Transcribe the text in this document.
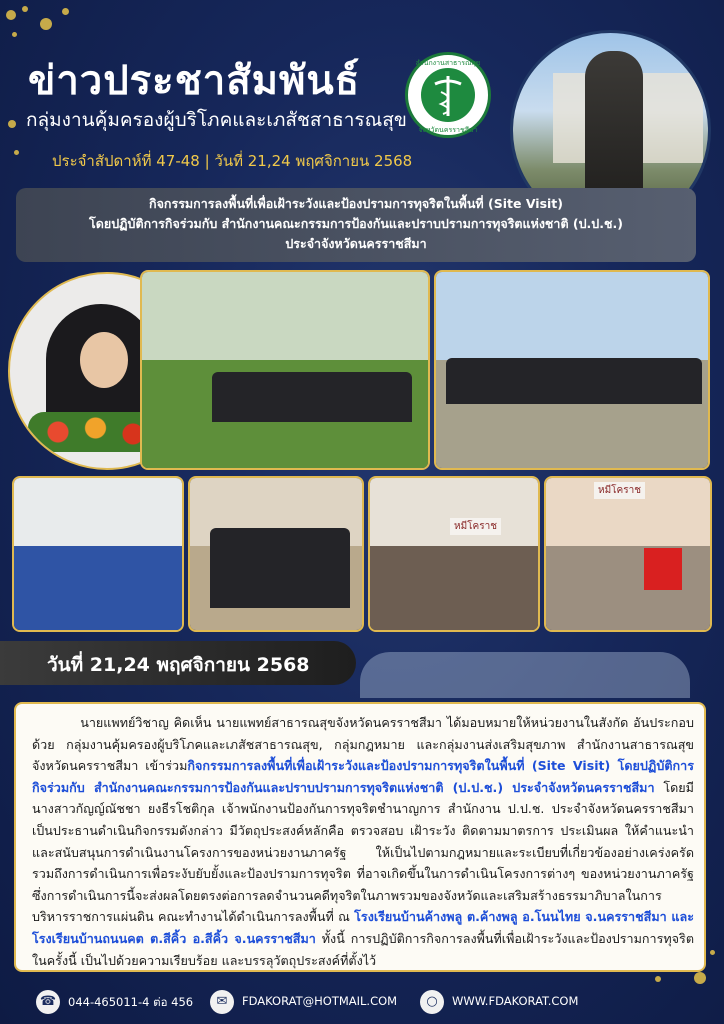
ข่าวประชาสัมพันธ์

กลุ่มงานคุ้มครองผู้บริโภคและเภสัชสาธารณสุข

ประจำสัปดาห์ที่ 47-48 | วันที่ 21,24 พฤศจิกายน 2568

สำนักงานสาธารณสุข
จังหวัดนครราชสีมา

กิจกรรมการลงพื้นที่เพื่อเฝ้าระวังและป้องปรามการทุจริตในพื้นที่ (Site Visit)

โดยปฏิบัติการกิจร่วมกับ สำนักงานคณะกรรมการป้องกันและปราบปรามการทุจริตแห่งชาติ (ป.ป.ช.)

ประจำจังหวัดนครราชสีมา

หมีโคราช
หมีโคราช
วันที่ 21,24 พฤศจิกายน 2568

นายแพทย์วิชาญ คิดเห็น นายแพทย์สาธารณสุขจังหวัดนครราชสีมา ได้มอบหมายให้หน่วยงานในสังกัด อันประกอบด้วย กลุ่มงานคุ้มครองผู้บริโภคและเภสัชสาธารณสุข, กลุ่มกฎหมาย และกลุ่มงานส่งเสริมสุขภาพ สำนักงานสาธารณสุขจังหวัดนครราชสีมา เข้าร่วมกิจกรรมการลงพื้นที่เพื่อเฝ้าระวังและป้องปรามการทุจริตในพื้นที่ (Site Visit) โดยปฏิบัติการกิจร่วมกับ สำนักงานคณะกรรมการป้องกันและปราบปรามการทุจริตแห่งชาติ (ป.ป.ช.) ประจำจังหวัดนครราชสีมา โดยมีนางสาวกัญญ์ณัชชา ยงธีรโชติกุล เจ้าพนักงานป้องกันการทุจริตชำนาญการ สำนักงาน ป.ป.ช. ประจำจังหวัดนครราชสีมาเป็นประธานดำเนินกิจกรรมดังกล่าว มีวัตถุประสงค์หลักคือ ตรวจสอบ เฝ้าระวัง ติดตามมาตรการ ประเมินผล ให้คำแนะนำ และสนับสนุนการดำเนินงานโครงการของหน่วยงานภาครัฐ ให้เป็นไปตามกฎหมายและระเบียบที่เกี่ยวข้องอย่างเคร่งครัด รวมถึงการดำเนินการเพื่อระงับยับยั้งและป้องปรามการทุจริต ที่อาจเกิดขึ้นในการดำเนินโครงการต่างๆ ของหน่วยงานภาครัฐ ซึ่งการดำเนินการนี้จะส่งผลโดยตรงต่อการลดจำนวนคดีทุจริตในภาพรวมของจังหวัดและเสริมสร้างธรรมาภิบาลในการบริหารราชการแผ่นดิน คณะทำงานได้ดำเนินการลงพื้นที่ ณ โรงเรียนบ้านค้างพลู ต.ค้างพลู อ.โนนไทย จ.นครราชสีมา และโรงเรียนบ้านถนนคต ต.สีคิ้ว อ.สีคิ้ว จ.นครราชสีมา ทั้งนี้ การปฏิบัติการกิจการลงพื้นที่เพื่อเฝ้าระวังและป้องปรามการทุจริตในครั้งนี้ เป็นไปด้วยความเรียบร้อย และบรรลุวัตถุประสงค์ที่ตั้งไว้

☎	044-465011-4 ต่อ 456	✉	FDAKORAT@HOTMAIL.COM	○	WWW.FDAKORAT.COM
